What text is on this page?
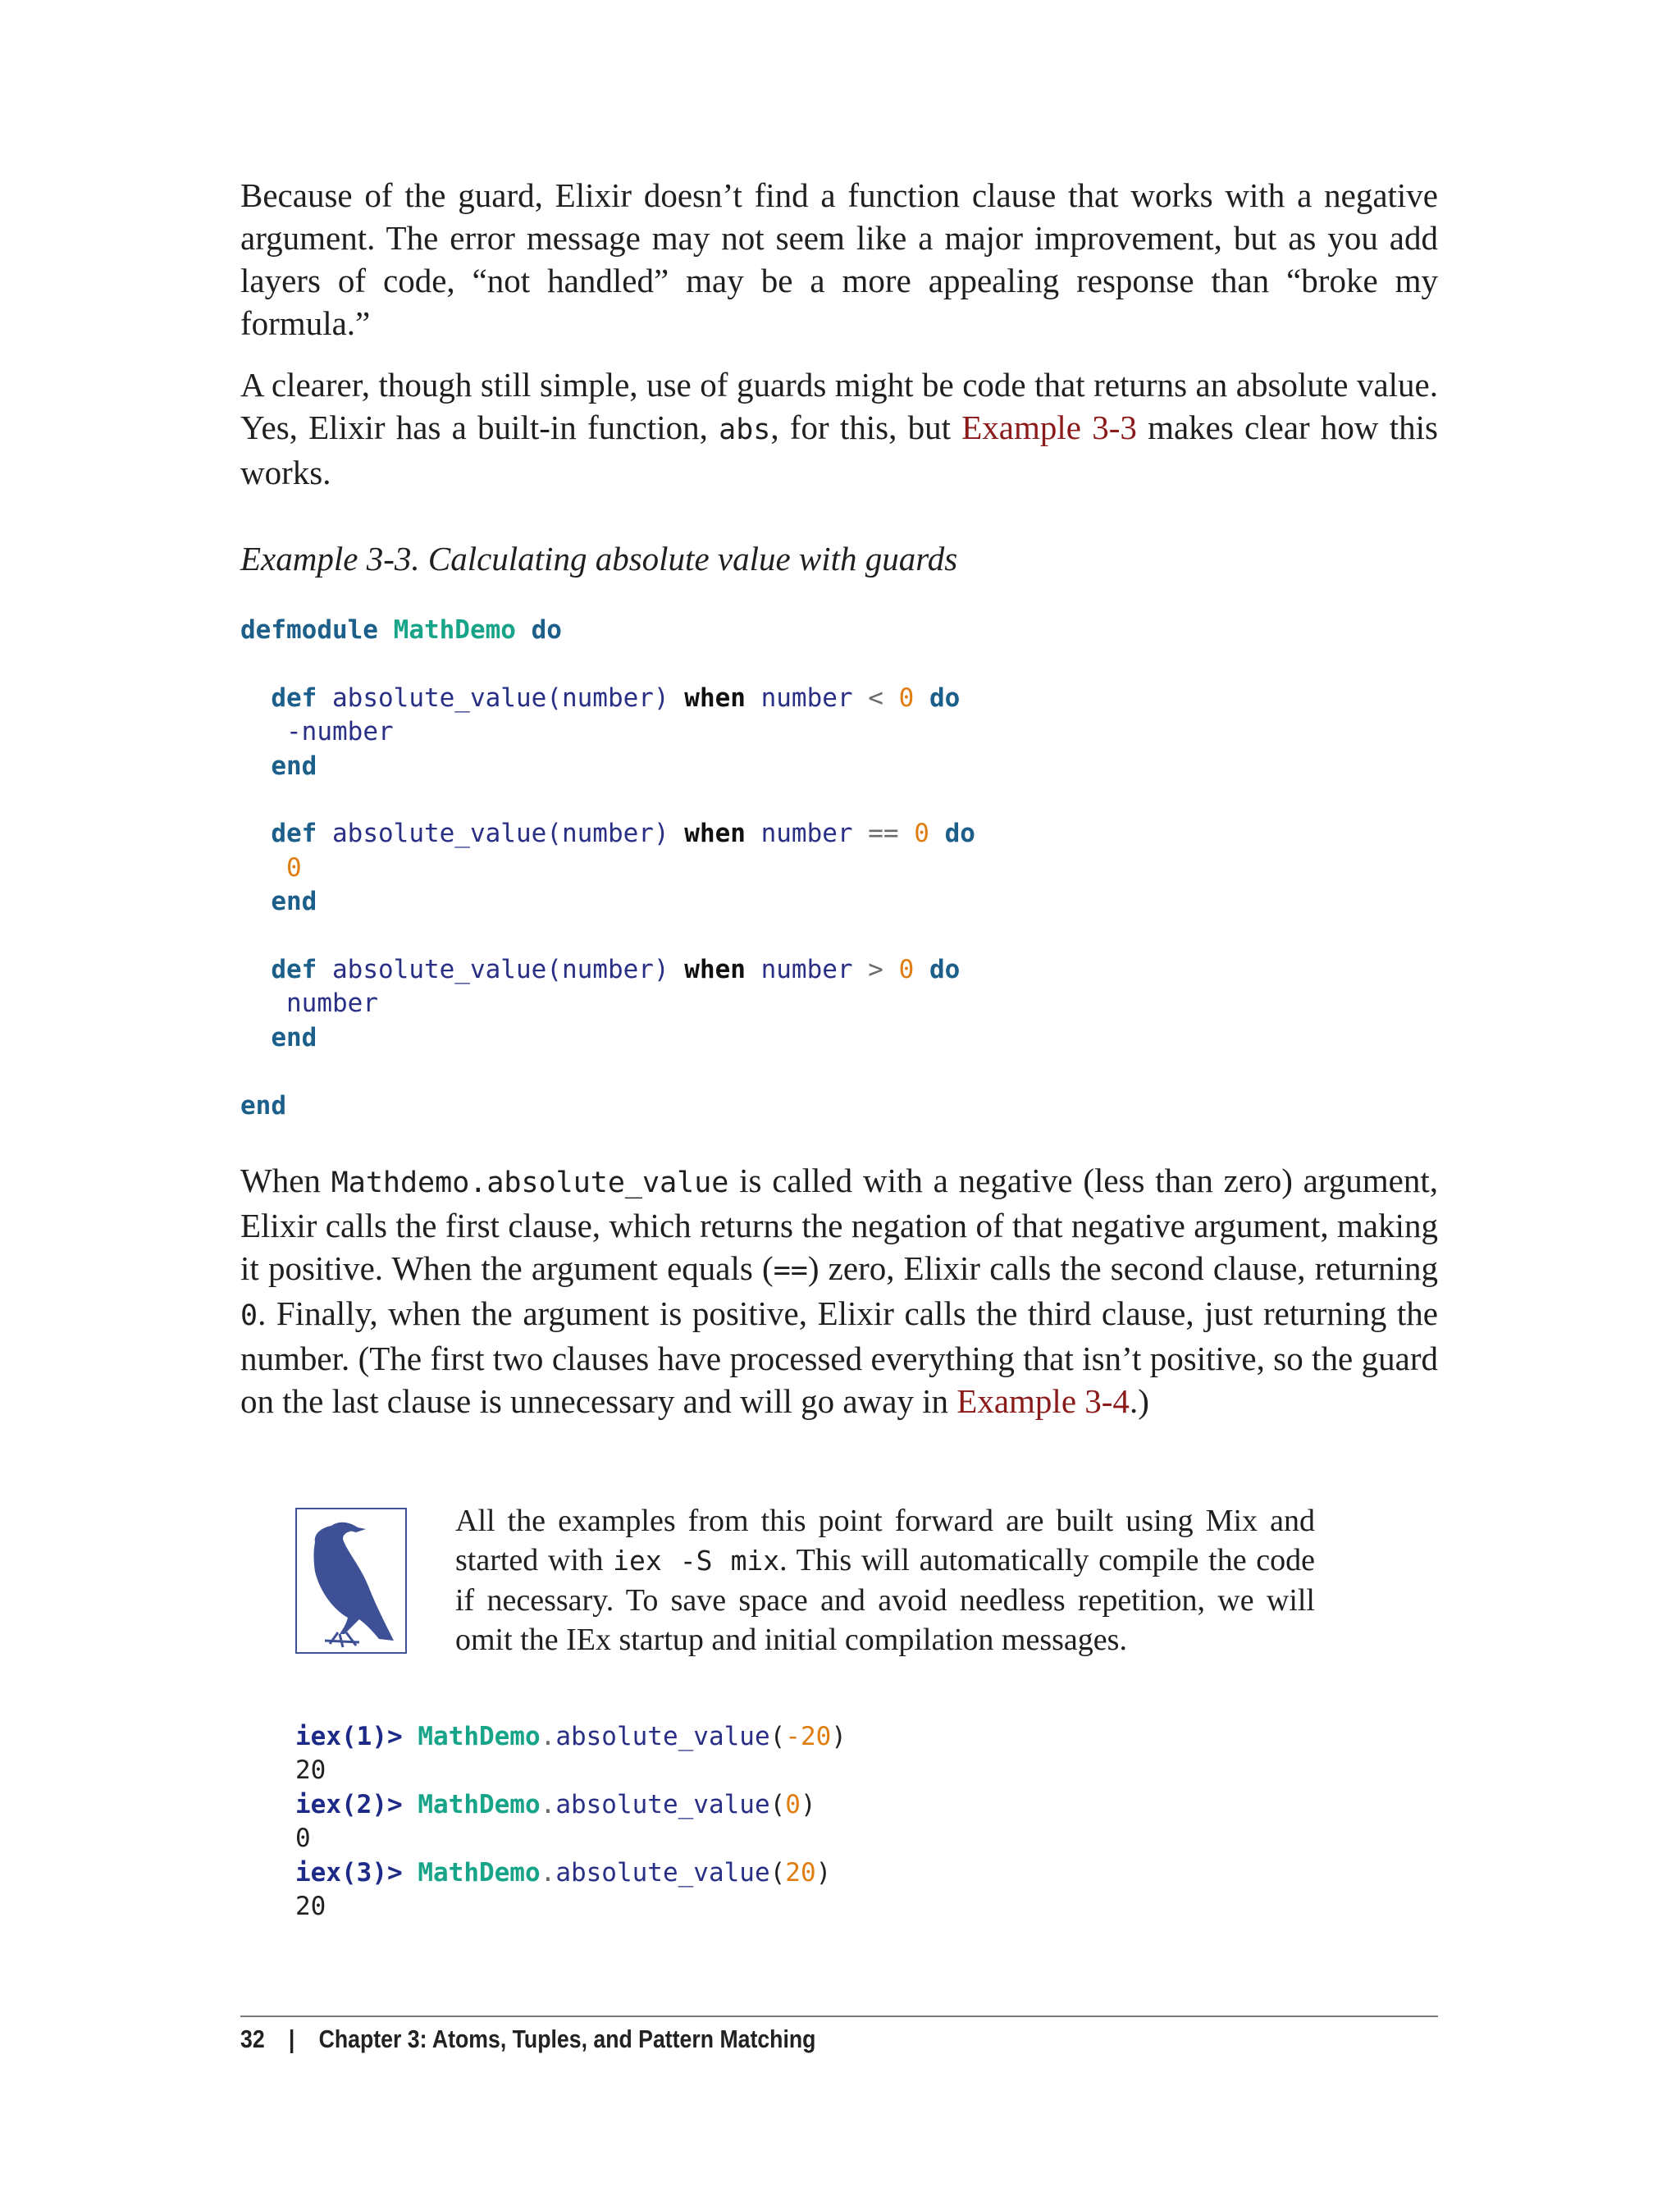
Because of the guard, Elixir doesn’t find a function clause that works with a negative argument. The error message may not seem like a major improvement, but as you add layers of code, “not handled” may be a more appealing response than “broke my formula.”

A clearer, though still simple, use of guards might be code that returns an absolute value. Yes, Elixir has a built-in function, abs, for this, but Example 3-3 makes clear how this works.

Example 3-3. Calculating absolute value with guards

defmodule MathDemo do

def absolute_value(number) when number < 0 do
-number
end

def absolute_value(number) when number == 0 do
0
end

def absolute_value(number) when number > 0 do
number
end

end

When Mathdemo.absolute_value is called with a negative (less than zero) argument, Elixir calls the first clause, which returns the negation of that negative argument, making it positive. When the argument equals (==) zero, Elixir calls the second clause, returning 0. Finally, when the argument is positive, Elixir calls the third clause, just returning the number. (The first two clauses have processed everything that isn’t positive, so the guard on the last clause is unnecessary and will go away in Example 3-4.)

All the examples from this point forward are built using Mix and started with iex -S mix. This will automatically compile the code if necessary. To save space and avoid needless repetition, we will omit the IEx startup and initial compilation messages.

iex(1)> MathDemo.absolute_value(-20)
20
iex(2)> MathDemo.absolute_value(0)
0
iex(3)> MathDemo.absolute_value(20)
20
32 | Chapter 3: Atoms, Tuples, and Pattern Matching
